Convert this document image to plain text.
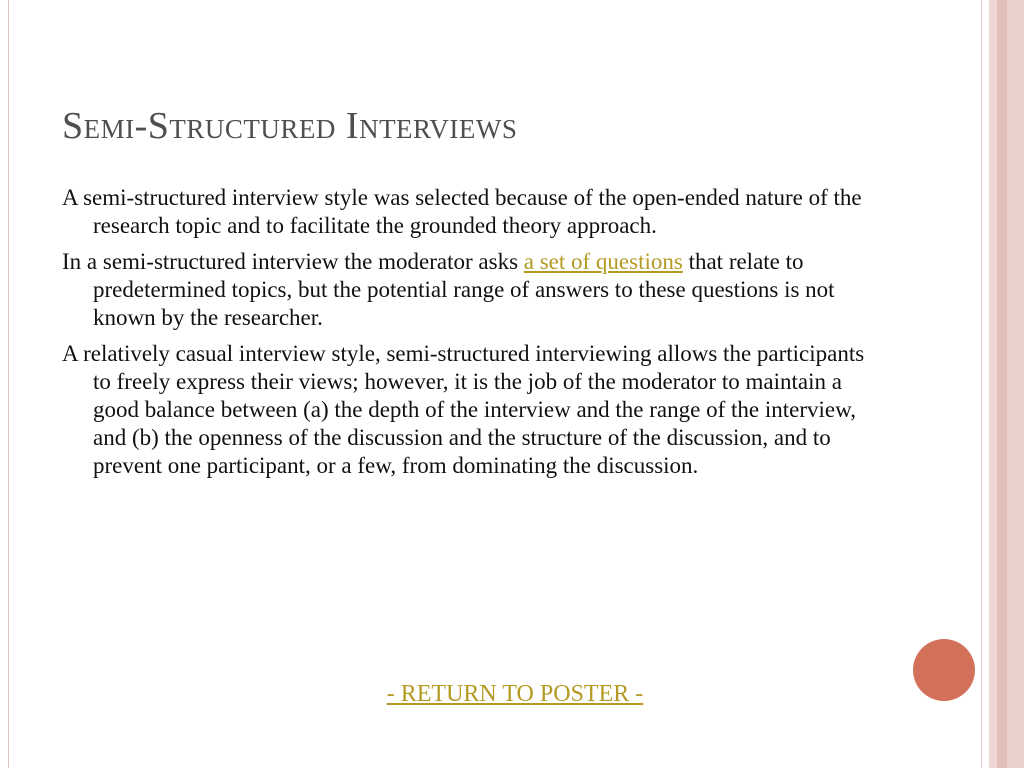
Semi-Structured Interviews

A semi-structured interview style was selected because of the open-ended nature of the research topic and to facilitate the grounded theory approach.

In a semi-structured interview the moderator asks a set of questions that relate to predetermined topics, but the potential range of answers to these questions is not known by the researcher.

A relatively casual interview style, semi-structured interviewing allows the participants to freely express their views; however, it is the job of the moderator to maintain a good balance between (a) the depth of the interview and the range of the interview, and (b) the openness of the discussion and the structure of the discussion, and to prevent one participant, or a few, from dominating the discussion.

- RETURN TO POSTER -
